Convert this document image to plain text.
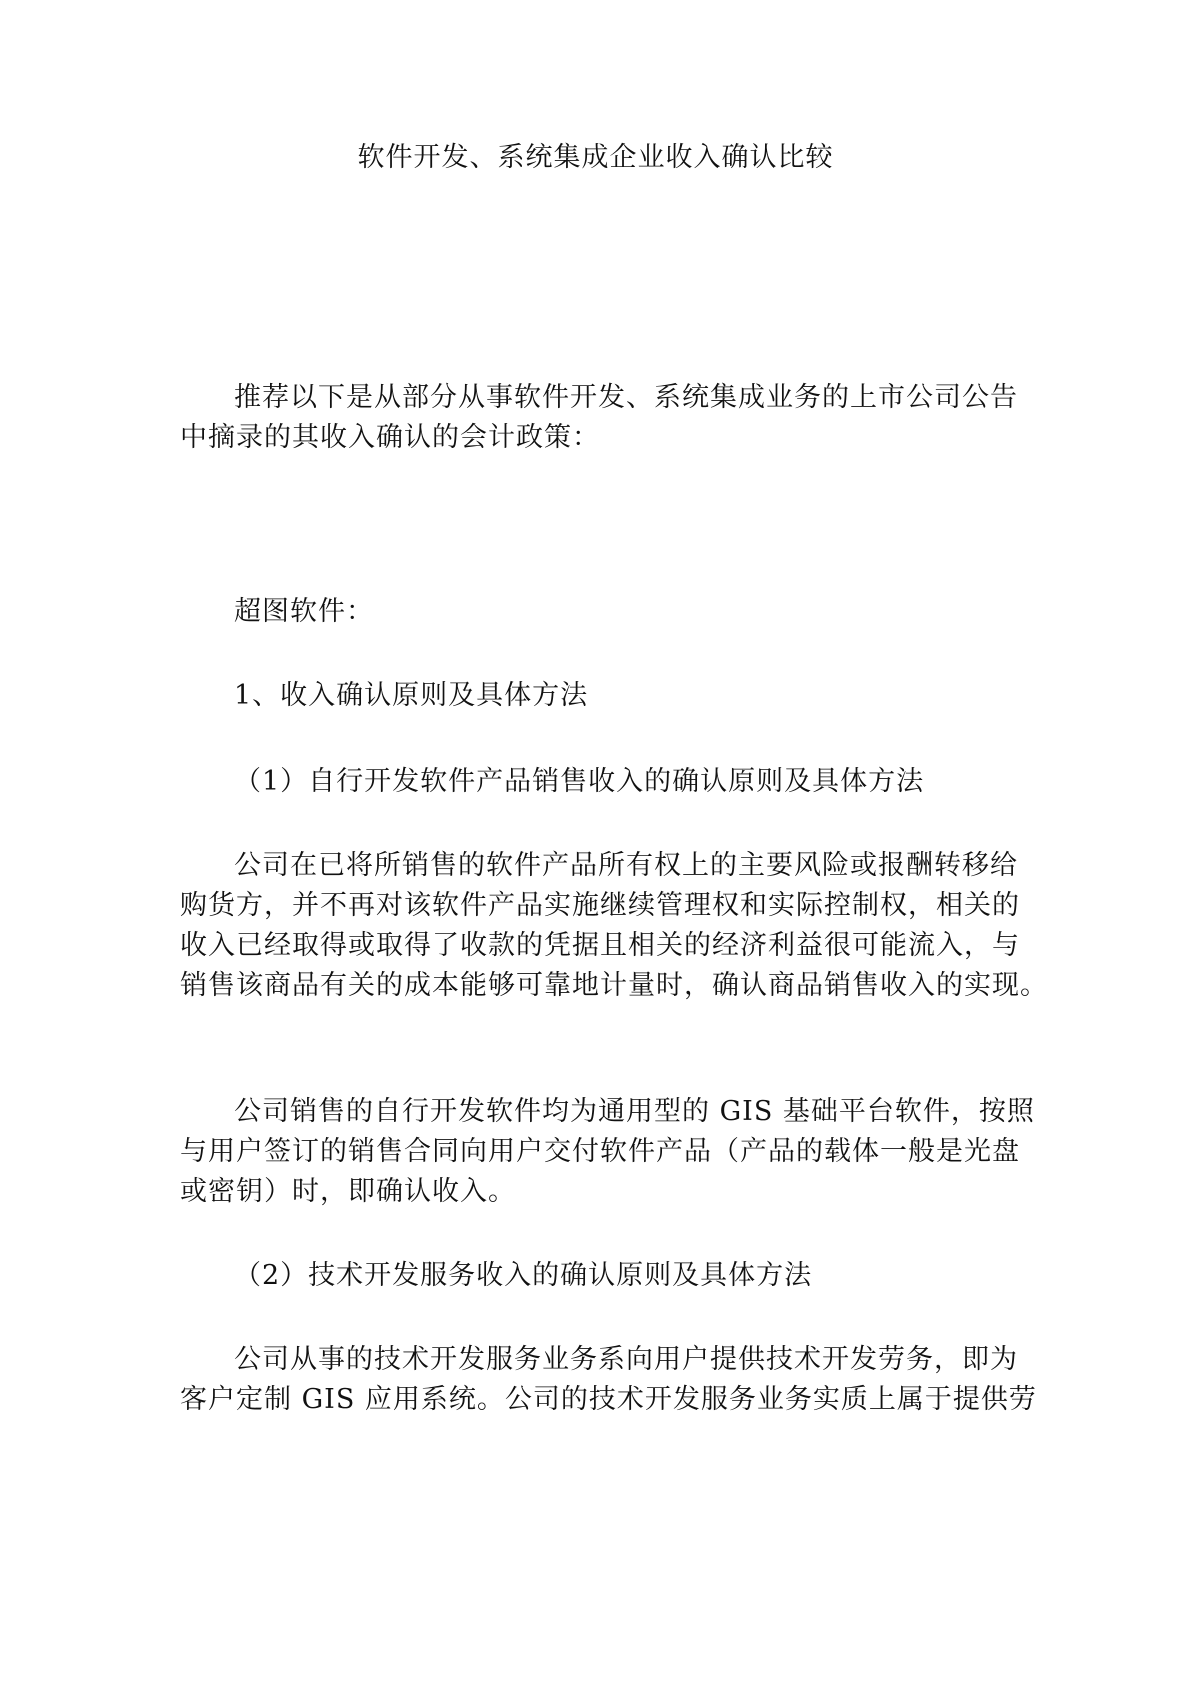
软件开发、系统集成企业收入确认比较
推荐以下是从部分从事软件开发、系统集成业务的上市公司公告
中摘录的其收入确认的会计政策：
超图软件：
1、收入确认原则及具体方法
（1）自行开发软件产品销售收入的确认原则及具体方法
公司在已将所销售的软件产品所有权上的主要风险或报酬转移给
购货方，并不再对该软件产品实施继续管理权和实际控制权，相关的
收入已经取得或取得了收款的凭据且相关的经济利益很可能流入，与
销售该商品有关的成本能够可靠地计量时，确认商品销售收入的实现。
公司销售的自行开发软件均为通用型的 GIS 基础平台软件，按照
与用户签订的销售合同向用户交付软件产品（产品的载体一般是光盘
或密钥）时，即确认收入。
（2）技术开发服务收入的确认原则及具体方法
公司从事的技术开发服务业务系向用户提供技术开发劳务，即为
客户定制 GIS 应用系统。公司的技术开发服务业务实质上属于提供劳
